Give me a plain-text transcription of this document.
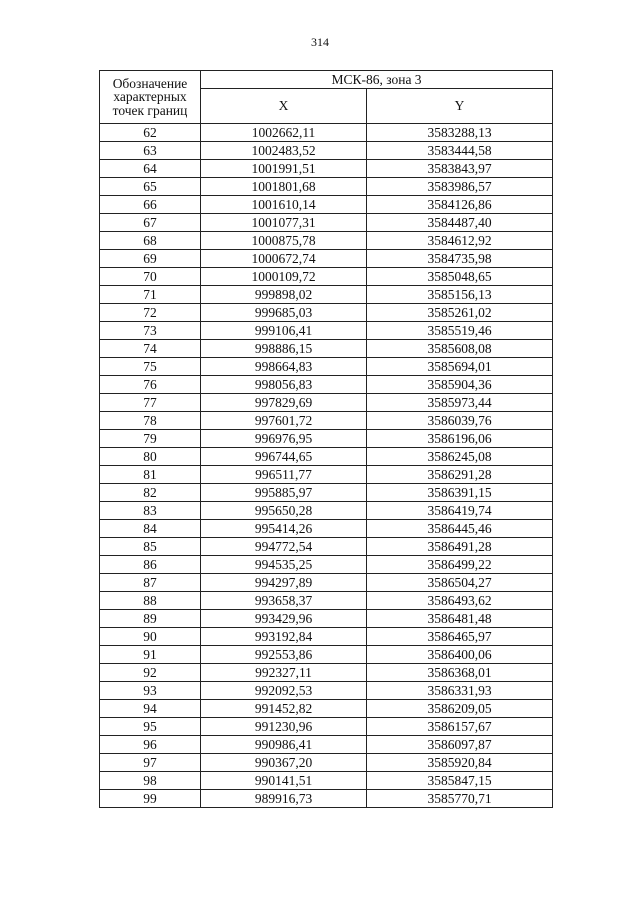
314
Обозначение характерных точек границ	МСК-86, зона 3	
	X	Y
62	1002662,11	3583288,13
63	1002483,52	3583444,58
64	1001991,51	3583843,97
65	1001801,68	3583986,57
66	1001610,14	3584126,86
67	1001077,31	3584487,40
68	1000875,78	3584612,92
69	1000672,74	3584735,98
70	1000109,72	3585048,65
71	999898,02	3585156,13
72	999685,03	3585261,02
73	999106,41	3585519,46
74	998886,15	3585608,08
75	998664,83	3585694,01
76	998056,83	3585904,36
77	997829,69	3585973,44
78	997601,72	3586039,76
79	996976,95	3586196,06
80	996744,65	3586245,08
81	996511,77	3586291,28
82	995885,97	3586391,15
83	995650,28	3586419,74
84	995414,26	3586445,46
85	994772,54	3586491,28
86	994535,25	3586499,22
87	994297,89	3586504,27
88	993658,37	3586493,62
89	993429,96	3586481,48
90	993192,84	3586465,97
91	992553,86	3586400,06
92	992327,11	3586368,01
93	992092,53	3586331,93
94	991452,82	3586209,05
95	991230,96	3586157,67
96	990986,41	3586097,87
97	990367,20	3585920,84
98	990141,51	3585847,15
99	989916,73	3585770,71
